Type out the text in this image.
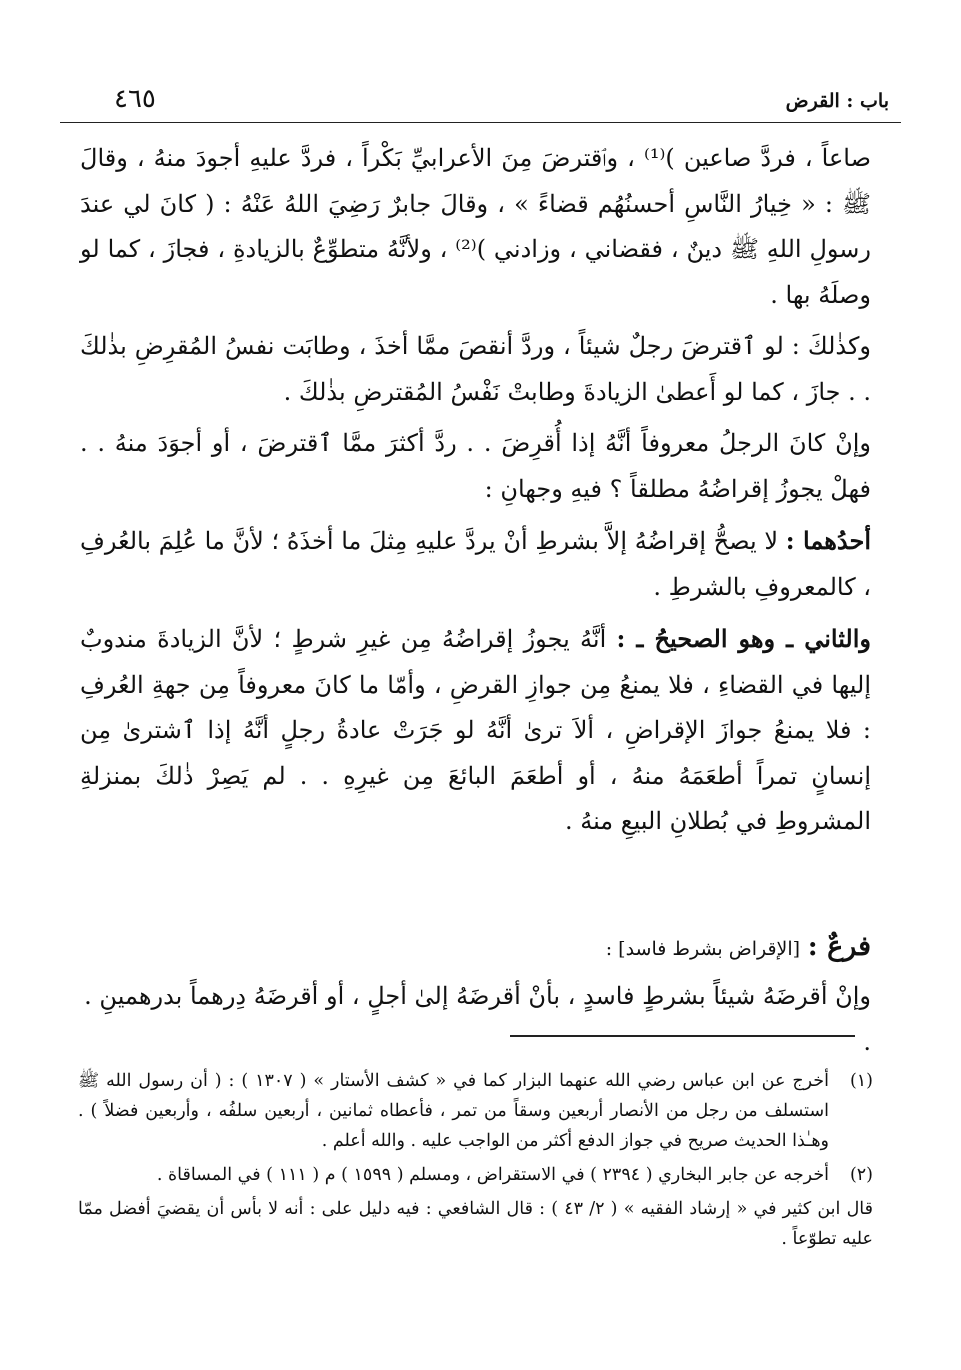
٤٦٥	باب : القرض

صاعاً ، فردَّ صاعين )⁽¹⁾ ، وٱقترضَ مِنَ الأعرابيِّ بَكْراً ، فردَّ عليهِ أجودَ منهُ ، وقالَ ﷺ : « خِيارُ النَّاسِ أحسنُهُم قضاءً » ، وقالَ جابرٌ رَضِيَ اللهُ عَنْهُ : ( كانَ لي عندَ رسولِ اللهِ ﷺ دينٌ ، فقضاني ، وزادني )⁽²⁾ ، ولأنَّهُ متطوِّعٌ بالزيادةِ ، فجازَ ، كما لو وصلَهُ بها .

وكذٰلكَ : لو ٱقترضَ رجلٌ شيئاً ، وردَّ أنقصَ ممَّا أخذَ ، وطابَت نفسُ المُقرِضِ بذٰلكَ . . جازَ ، كما لو أَعطىٰ الزيادةَ وطابتْ نَفْسُ المُقترضِ بذٰلكَ .

وإنْ كانَ الرجلُ معروفاً أنَّهُ إذا أُقرِضَ . . ردَّ أكثرَ ممَّا ٱقترضَ ، أو أجوَدَ منهُ . . فهلْ يجوزُ إقراضُهُ مطلقاً ؟ فيهِ وجهانِ :

أحدُهما : لا يصحُّ إقراضُهُ إلاَّ بشرطِ أنْ يردَّ عليهِ مِثلَ ما أخذَهُ ؛ لأنَّ ما عُلِمَ بالعُرفِ ، كالمعروفِ بالشرطِ .

والثاني ـ وهو الصحيحُ ـ : أنَّهُ يجوزُ إقراضُهُ مِن غيرِ شرطٍ ؛ لأنَّ الزيادةَ مندوبٌ إليها في القضاءِ ، فلا يمنعُ مِن جوازِ القرضِ ، وأمّا ما كانَ معروفاً مِن جهةِ العُرفِ : فلا يمنعُ جوازَ الإقراضِ ، ألاَ ترىٰ أنَّهُ لو جَرَتْ عادةُ رجلٍ أنَّهُ إذا ٱشترىٰ مِن إنسانٍ تمراً أطعَمَهُ منهُ ، أو أطعَمَ البائعَ مِن غيرِهِ . . لم يَصِرْ ذٰلكَ بمنزلةِ المشروطِ في بُطلانِ البيعِ منهُ .

فرعٌ : [الإقراض بشرط فاسد] :
وإنْ أقرضَهُ شيئاً بشرطٍ فاسدٍ ، بأنْ أقرضَهُ إلىٰ أجلٍ ، أو أقرضَهُ دِرهماً بدرهمينِ . .
(١)
أخرج عن ابن عباس رضي الله عنهما البزار كما في « كشف الأستار » ( ١٣٠٧ ) : ( أن رسول الله ﷺ استسلف من رجل من الأنصار أربعين وسقاً من تمر ، فأعطاه ثمانين ، أربعين سلفُه ، وأربعين فضلاً ) . وهـٰذا الحديث صريح في جواز الدفع أكثر من الواجب عليه . والله أعلم .
(٢)
أخرجه عن جابر البخاري ( ٢٣٩٤ ) في الاستقراض ، ومسلم ( ١٥٩٩ ) م ( ١١١ ) في المساقاة .
قال ابن كثير في « إرشاد الفقيه » ( ٢/ ٤٣ ) : قال الشافعي : فيه دليل على : أنه لا بأس أن يقضيَ أفضل ممّا عليه تطوّعاً .
